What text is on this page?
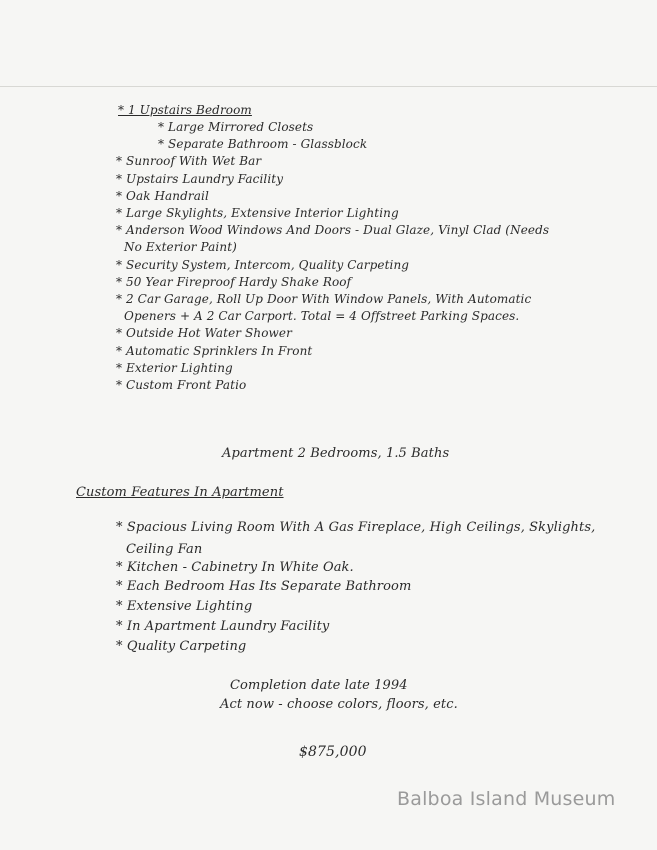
* 1 Upstairs Bedroom
* Large Mirrored Closets
* Separate Bathroom - Glassblock
* Sunroof With Wet Bar
* Upstairs Laundry Facility
* Oak Handrail
* Large Skylights, Extensive Interior Lighting
* Anderson Wood Windows And Doors - Dual Glaze, Vinyl Clad (Needs
No Exterior Paint)
* Security System, Intercom, Quality Carpeting
* 50 Year Fireproof Hardy Shake Roof
* 2 Car Garage, Roll Up Door With Window Panels, With Automatic
Openers + A 2 Car Carport. Total = 4 Offstreet Parking Spaces.
* Outside Hot Water Shower
* Automatic Sprinklers In Front
* Exterior Lighting
* Custom Front Patio
Apartment 2 Bedrooms, 1.5 Baths
Custom Features In Apartment
* Spacious Living Room With A Gas Fireplace, High Ceilings, Skylights,
Ceiling Fan
* Kitchen - Cabinetry In White Oak.
* Each Bedroom Has Its Separate Bathroom
* Extensive Lighting
* In Apartment Laundry Facility
* Quality Carpeting
Completion date late 1994
Act now - choose colors, floors, etc.
$875,000
Balboa Island Museum
